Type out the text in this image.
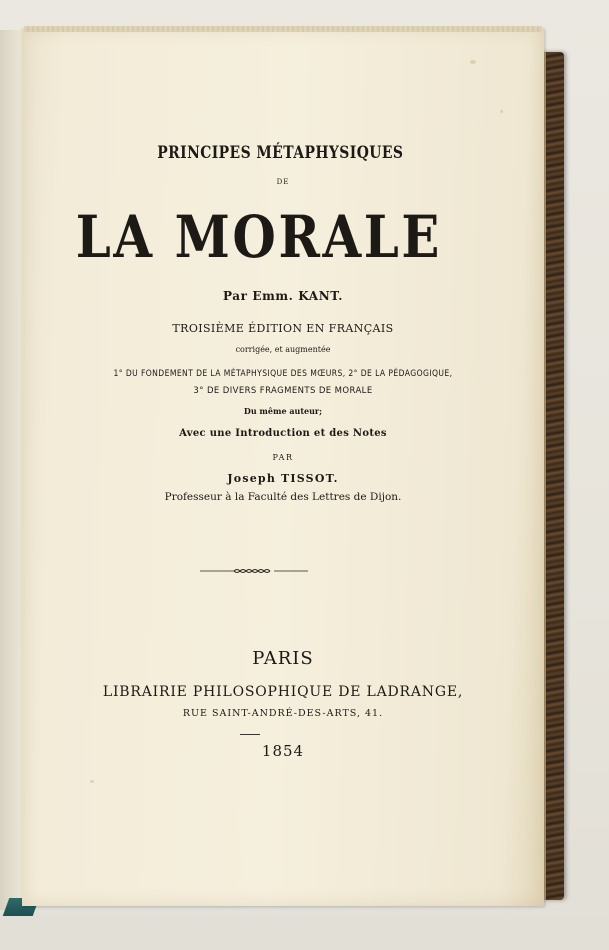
PRINCIPES MÉTAPHYSIQUES
DE
LA MORALE
Par Emm. KANT.
TROISIÈME ÉDITION EN FRANÇAIS
corrigée, et augmentée
1° DU FONDEMENT DE LA MÉTAPHYSIQUE DES MŒURS, 2° DE LA PÉDAGOGIQUE,
3° DE DIVERS FRAGMENTS DE MORALE
Du même auteur;
Avec une Introduction et des Notes
PAR
Joseph TISSOT.
Professeur à la Faculté des Lettres de Dijon.
PARIS
LIBRAIRIE PHILOSOPHIQUE DE LADRANGE,
RUE SAINT-ANDRÉ-DES-ARTS, 41.
1854
